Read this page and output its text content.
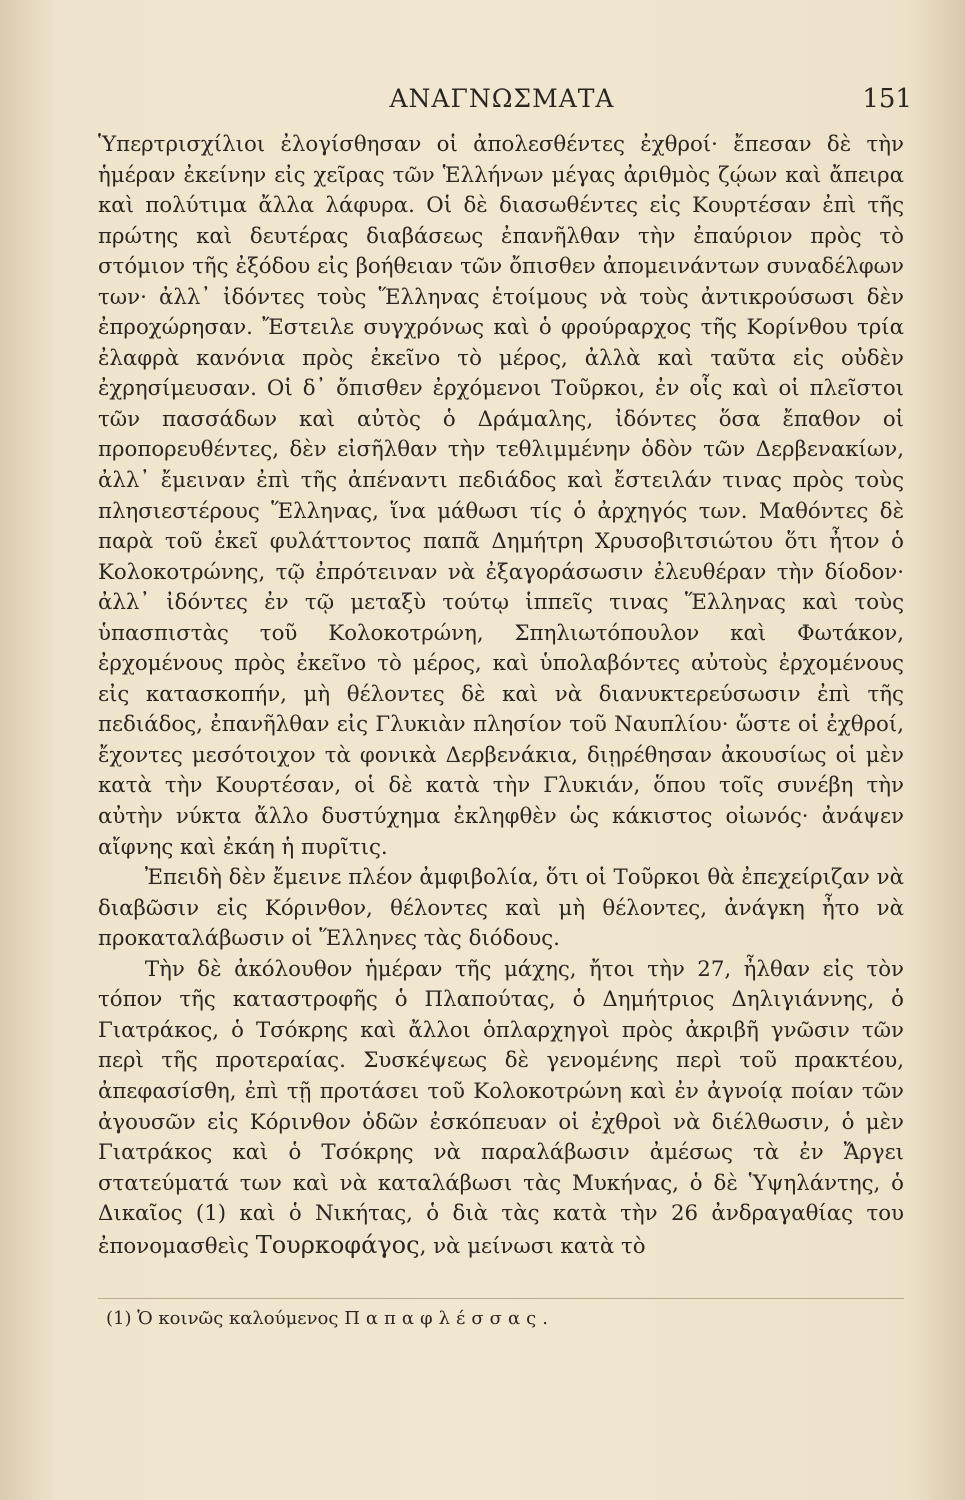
ΑΝΑΓΝΩΣΜΑΤΑ	151

Ὑπερτρισχίλιοι ἐλογίσθησαν οἱ ἀπολεσθέντες ἐχθροί· ἔπεσαν δὲ τὴν ἡμέραν ἐκείνην εἰς χεῖρας τῶν Ἑλλήνων μέγας ἀριθμὸς ζῴων καὶ ἄπειρα καὶ πολύτιμα ἄλλα λάφυρα. Οἱ δὲ διασωθέντες εἰς Κουρτέσαν ἐπὶ τῆς πρώτης καὶ δευτέρας διαβάσεως ἐπανῆλθαν τὴν ἐπαύριον πρὸς τὸ στόμιον τῆς ἐξόδου εἰς βοήθειαν τῶν ὄπισθεν ἀπομεινάντων συναδέλφων των· ἀλλ᾽ ἰδόντες τοὺς Ἕλληνας ἑτοίμους νὰ τοὺς ἀντικρούσωσι δὲν ἐπροχώρησαν. Ἔστειλε συγχρόνως καὶ ὁ φρούραρχος τῆς Κορίνθου τρία ἐλαφρὰ κανόνια πρὸς ἐκεῖνο τὸ μέρος, ἀλλὰ καὶ ταῦτα εἰς οὐδὲν ἐχρησίμευσαν. Οἱ δ᾽ ὄπισθεν ἐρχόμενοι Τοῦρκοι, ἐν οἷς καὶ οἱ πλεῖστοι τῶν πασσάδων καὶ αὐτὸς ὁ Δράμαλης, ἰδόντες ὅσα ἔπαθον οἱ προπορευθέντες, δὲν εἰσῆλθαν τὴν τεθλιμμένην ὁδὸν τῶν Δερβενακίων, ἀλλ᾽ ἔμειναν ἐπὶ τῆς ἀπέναντι πεδιάδος καὶ ἔστειλάν τινας πρὸς τοὺς πλησιεστέρους Ἕλληνας, ἵνα μάθωσι τίς ὁ ἀρχηγός των. Μαθόντες δὲ παρὰ τοῦ ἐκεῖ φυλάττοντος παπᾶ Δημήτρη Χρυσοβιτσιώτου ὅτι ἦτον ὁ Κολοκοτρώνης, τῷ ἐπρότειναν νὰ ἐξαγοράσωσιν ἐλευθέραν τὴν δίοδον· ἀλλ᾽ ἰδόντες ἐν τῷ μεταξὺ τούτῳ ἱππεῖς τινας Ἕλληνας καὶ τοὺς ὑπασπιστὰς τοῦ Κολοκοτρώνη, Σπηλιωτόπουλον καὶ Φωτάκον, ἐρχομένους πρὸς ἐκεῖνο τὸ μέρος, καὶ ὑπολαβόντες αὐτοὺς ἐρχομένους εἰς κατασκοπήν, μὴ θέλοντες δὲ καὶ νὰ διανυκτερεύσωσιν ἐπὶ τῆς πεδιάδος, ἐπανῆλθαν εἰς Γλυκιὰν πλησίον τοῦ Ναυπλίου· ὥστε οἱ ἐχθροί, ἔχοντες μεσότοιχον τὰ φονικὰ Δερβενάκια, διῃρέθησαν ἀκουσίως οἱ μὲν κατὰ τὴν Κουρτέσαν, οἱ δὲ κατὰ τὴν Γλυκιάν, ὅπου τοῖς συνέβη τὴν αὐτὴν νύκτα ἄλλο δυστύχημα ἐκληφθὲν ὡς κάκιστος οἰωνός· ἀνάψεν αἴφνης καὶ ἐκάη ἡ πυρῖτις.

Ἐπειδὴ δὲν ἔμεινε πλέον ἀμφιβολία, ὅτι οἱ Τοῦρκοι θὰ ἐπεχείριζαν νὰ διαβῶσιν εἰς Κόρινθον, θέλοντες καὶ μὴ θέλοντες, ἀνάγκη ἦτο νὰ προκαταλάβωσιν οἱ Ἕλληνες τὰς διόδους.

Τὴν δὲ ἀκόλουθον ἡμέραν τῆς μάχης, ἤτοι τὴν 27, ἦλθαν εἰς τὸν τόπον τῆς καταστροφῆς ὁ Πλαπούτας, ὁ Δημήτριος Δηλιγιάννης, ὁ Γιατράκος, ὁ Τσόκρης καὶ ἄλλοι ὁπλαρχηγοὶ πρὸς ἀκριβῆ γνῶσιν τῶν περὶ τῆς προτεραίας. Συσκέψεως δὲ γενομένης περὶ τοῦ πρακτέου, ἀπεφασίσθη, ἐπὶ τῇ προτάσει τοῦ Κολοκοτρώνη καὶ ἐν ἀγνοίᾳ ποίαν τῶν ἀγουσῶν εἰς Κόρινθον ὁδῶν ἐσκόπευαν οἱ ἐχθροὶ νὰ διέλθωσιν, ὁ μὲν Γιατράκος καὶ ὁ Τσόκρης νὰ παραλάβωσιν ἀμέσως τὰ ἐν Ἄργει στατεύματά των καὶ νὰ καταλάβωσι τὰς Μυκήνας, ὁ δὲ Ὑψηλάντης, ὁ Δικαῖος (1) καὶ ὁ Νικήτας, ὁ διὰ τὰς κατὰ τὴν 26 ἀνδραγαθίας του ἐπονομασθεὶς Τουρκοφάγος, νὰ μείνωσι κατὰ τὸ

(1) Ὁ κοινῶς καλούμενος Παπαφλέσσας.
